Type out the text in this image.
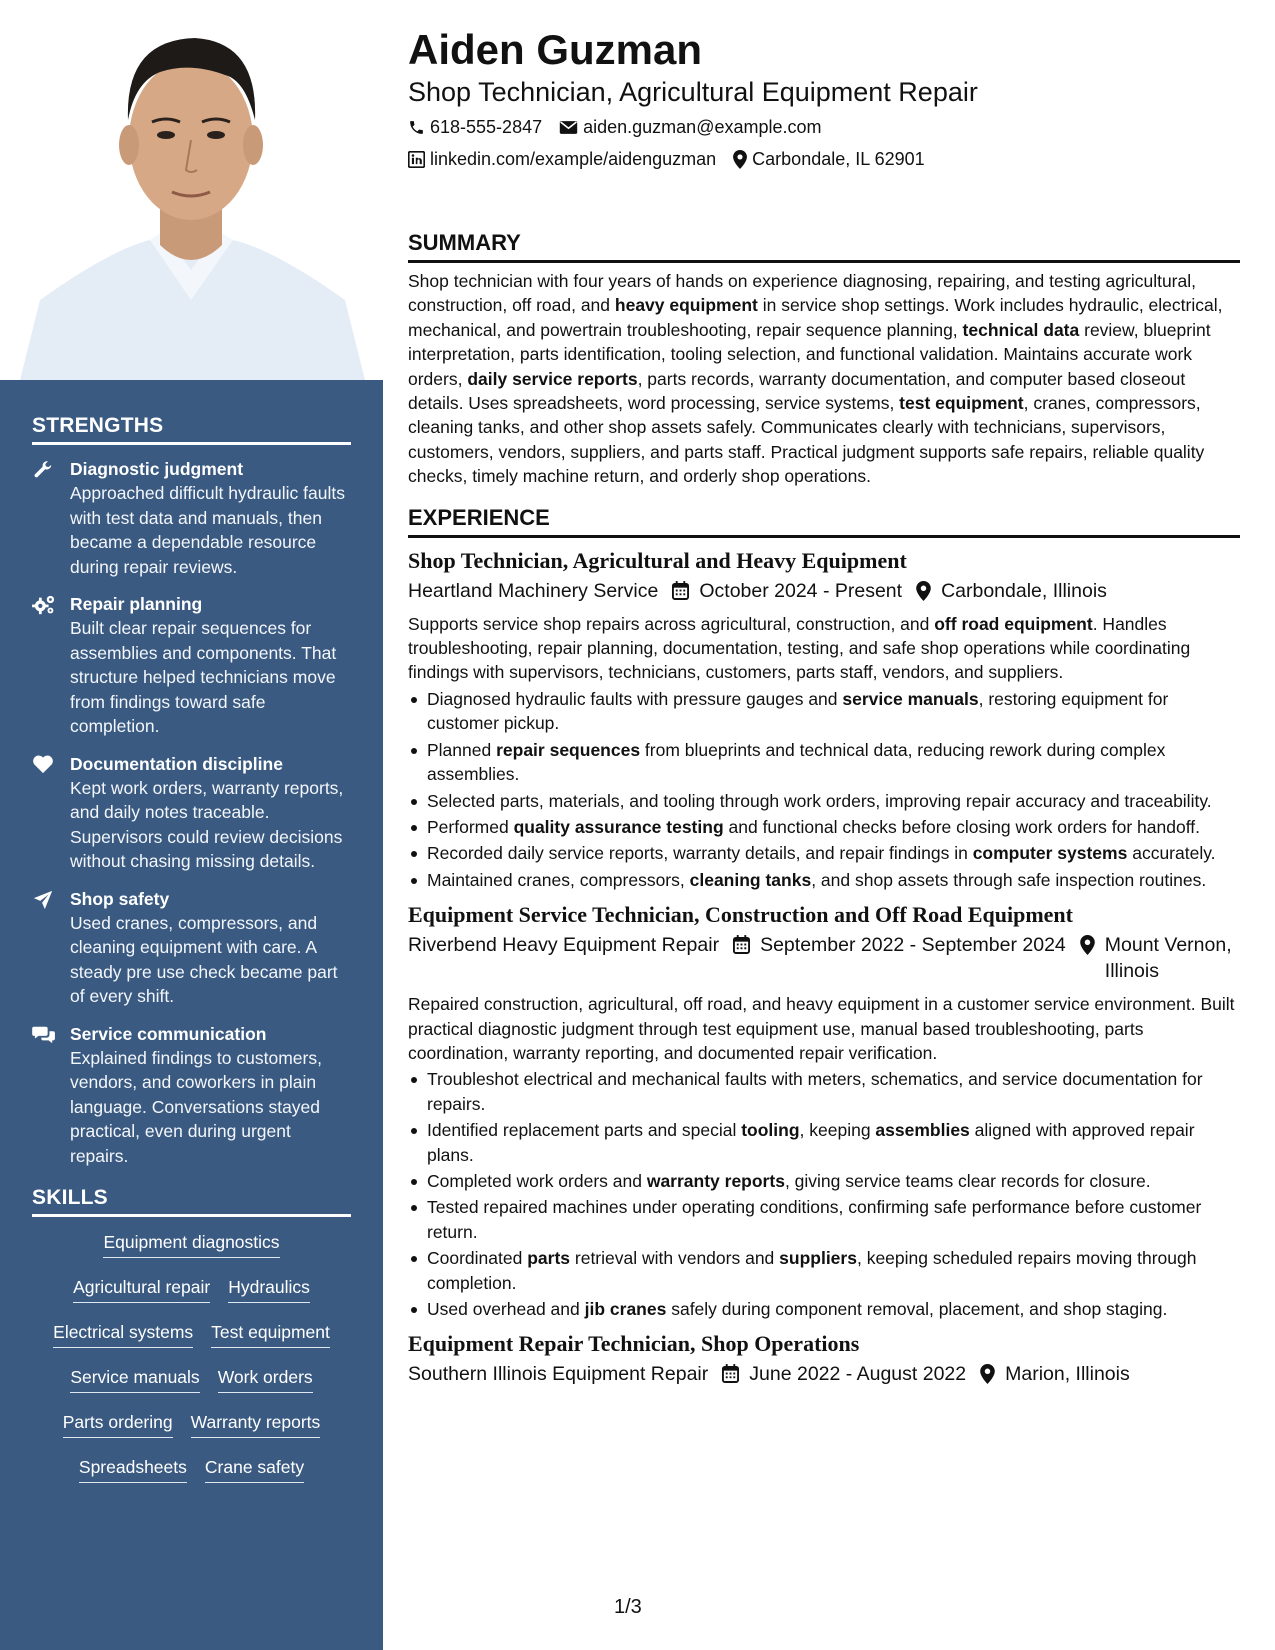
STRENGTHS
Diagnostic judgment
Approached difficult hydraulic faults with test data and manuals, then became a dependable resource during repair reviews.
Repair planning
Built clear repair sequences for assemblies and components. That structure helped technicians move from findings toward safe completion.
Documentation discipline
Kept work orders, warranty reports, and daily notes traceable. Supervisors could review decisions without chasing missing details.
Shop safety
Used cranes, compressors, and cleaning equipment with care. A steady pre use check became part of every shift.
Service communication
Explained findings to customers, vendors, and coworkers in plain language. Conversations stayed practical, even during urgent repairs.
SKILLS
Equipment diagnostics
Agricultural repair Hydraulics
Electrical systems Test equipment
Service manuals Work orders
Parts ordering Warranty reports
Spreadsheets Crane safety
Aiden Guzman
Shop Technician, Agricultural Equipment Repair
618-555-2847 aiden.guzman@example.com
linkedin.com/example/aidenguzman Carbondale, IL 62901
SUMMARY
Shop technician with four years of hands on experience diagnosing, repairing, and testing agricultural, construction, off road, and heavy equipment in service shop settings. Work includes hydraulic, electrical, mechanical, and powertrain troubleshooting, repair sequence planning, technical data review, blueprint interpretation, parts identification, tooling selection, and functional validation. Maintains accurate work orders, daily service reports, parts records, warranty documentation, and computer based closeout details. Uses spreadsheets, word processing, service systems, test equipment, cranes, compressors, cleaning tanks, and other shop assets safely. Communicates clearly with technicians, supervisors, customers, vendors, suppliers, and parts staff. Practical judgment supports safe repairs, reliable quality checks, timely machine return, and orderly shop operations.
EXPERIENCE
Shop Technician, Agricultural and Heavy Equipment
Heartland Machinery Service October 2024 - Present Carbondale, Illinois
Supports service shop repairs across agricultural, construction, and off road equipment. Handles troubleshooting, repair planning, documentation, testing, and safe shop operations while coordinating findings with supervisors, technicians, customers, parts staff, vendors, and suppliers.
Diagnosed hydraulic faults with pressure gauges and service manuals, restoring equipment for customer pickup.
Planned repair sequences from blueprints and technical data, reducing rework during complex assemblies.
Selected parts, materials, and tooling through work orders, improving repair accuracy and traceability.
Performed quality assurance testing and functional checks before closing work orders for handoff.
Recorded daily service reports, warranty details, and repair findings in computer systems accurately.
Maintained cranes, compressors, cleaning tanks, and shop assets through safe inspection routines.
Equipment Service Technician, Construction and Off Road Equipment
Riverbend Heavy Equipment Repair September 2022 - September 2024 Mount Vernon, Illinois
Repaired construction, agricultural, off road, and heavy equipment in a customer service environment. Built practical diagnostic judgment through test equipment use, manual based troubleshooting, parts coordination, warranty reporting, and documented repair verification.
Troubleshot electrical and mechanical faults with meters, schematics, and service documentation for repairs.
Identified replacement parts and special tooling, keeping assemblies aligned with approved repair plans.
Completed work orders and warranty reports, giving service teams clear records for closure.
Tested repaired machines under operating conditions, confirming safe performance before customer return.
Coordinated parts retrieval with vendors and suppliers, keeping scheduled repairs moving through completion.
Used overhead and jib cranes safely during component removal, placement, and shop staging.
Equipment Repair Technician, Shop Operations
Southern Illinois Equipment Repair June 2022 - August 2022 Marion, Illinois
1/3
